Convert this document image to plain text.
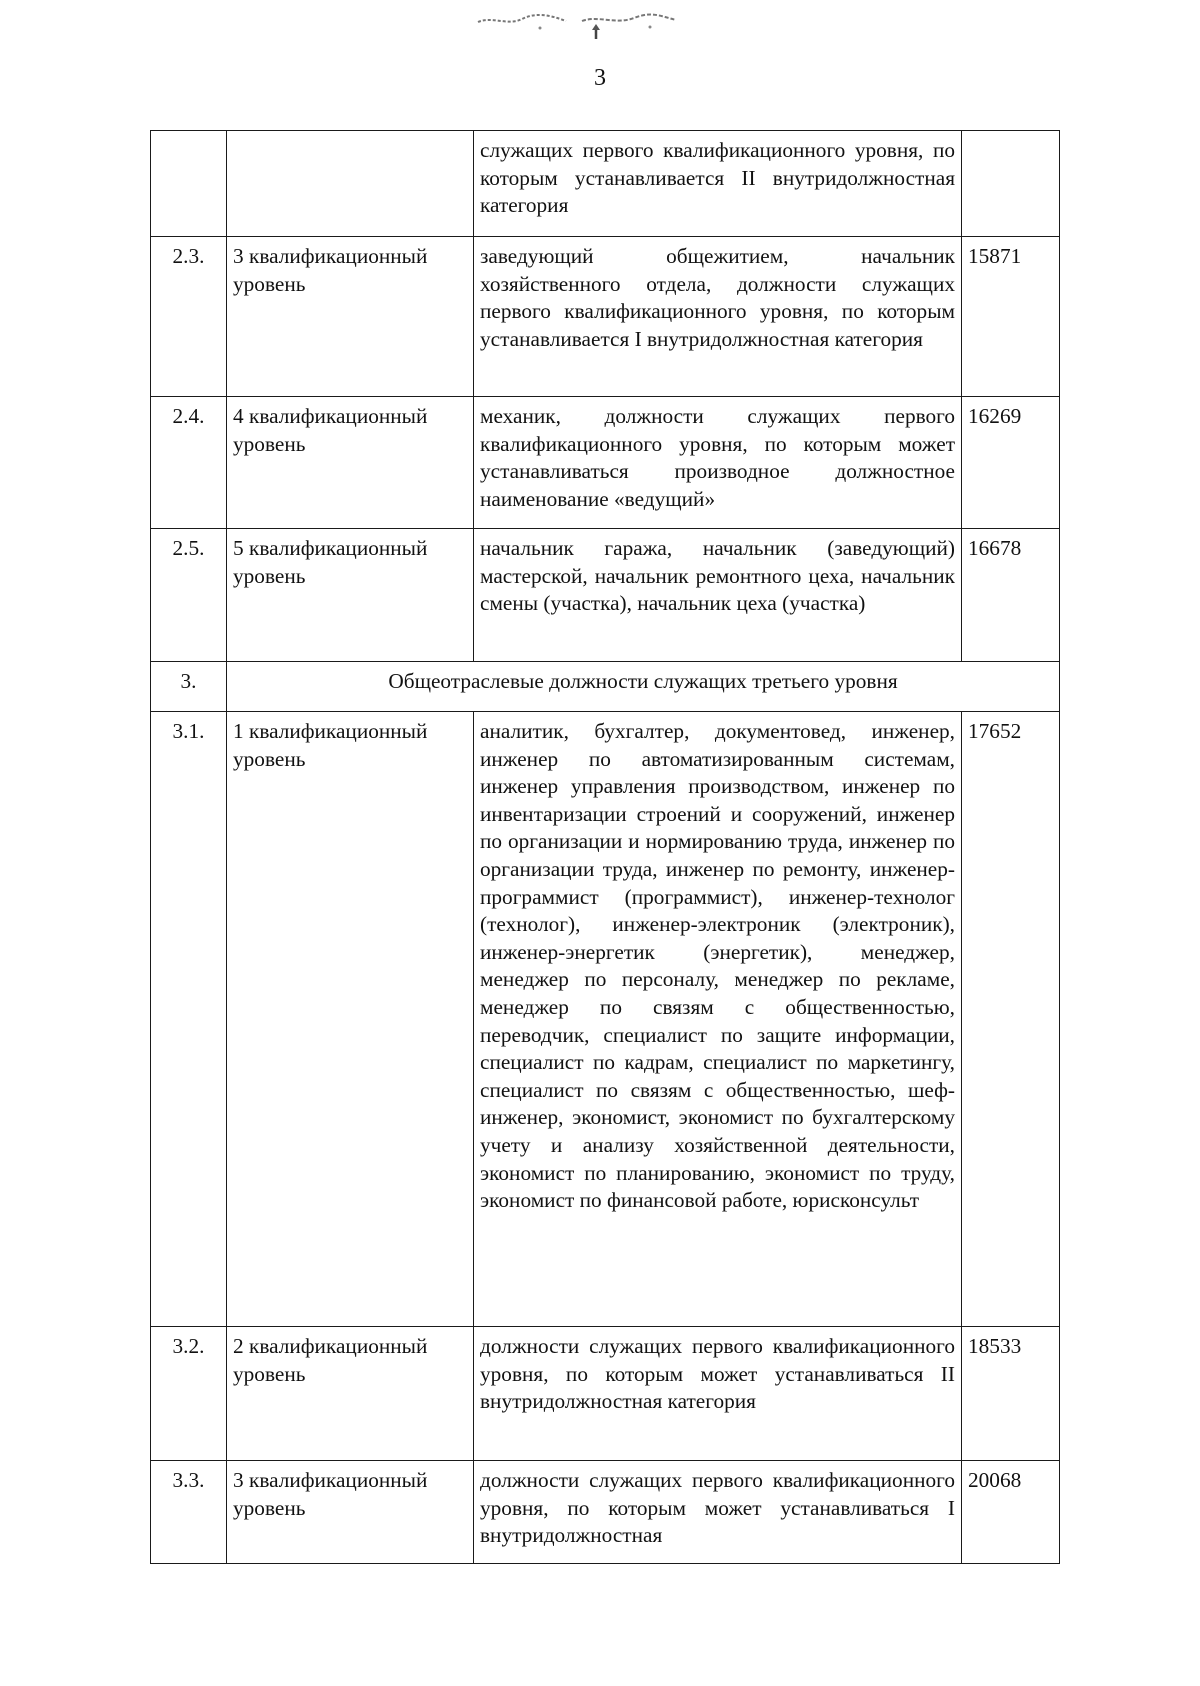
3
		служащих первого квалификационного уровня, по которым устанавливается II внутридолжностная категория	
2.3.	3 квалификационный уровень	заведующий общежитием, начальник хозяйственного отдела, должности служащих первого квалификационного уровня, по которым устанавливается I внутридолжностная категория	15871
2.4.	4 квалификационный уровень	механик, должности служащих первого квалификационного уровня, по которым может устанавливаться производное должностное наименование «ведущий»	16269
2.5.	5 квалификационный уровень	начальник гаража, начальник (заведующий) мастерской, начальник ремонтного цеха, начальник смены (участка), начальник цеха (участка)	16678
3.	Общеотраслевые должности служащих третьего уровня		
3.1.	1 квалификационный уровень	аналитик, бухгалтер, документовед, инженер, инженер по автоматизированным системам, инженер управления производством, инженер по инвентаризации строений и сооружений, инженер по организации и нормированию труда, инженер по организации труда, инженер по ремонту, инженер-программист (программист), инженер-технолог (технолог), инженер-электроник (электроник), инженер-энергетик (энергетик), менеджер, менеджер по персоналу, менеджер по рекламе, менеджер по связям с общественностью, переводчик, специалист по защите информации, специалист по кадрам, специалист по маркетингу, специалист по связям с общественностью, шеф-инженер, экономист, экономист по бухгалтерскому учету и анализу хозяйственной деятельности, экономист по планированию, экономист по труду, экономист по финансовой работе, юрисконсульт	17652
3.2.	2 квалификационный уровень	должности служащих первого квалификационного уровня, по которым может устанавливаться II внутридолжностная категория	18533
3.3.	3 квалификационный уровень	должности служащих первого квалификационного уровня, по которым может устанавливаться I внутридолжностная	20068
